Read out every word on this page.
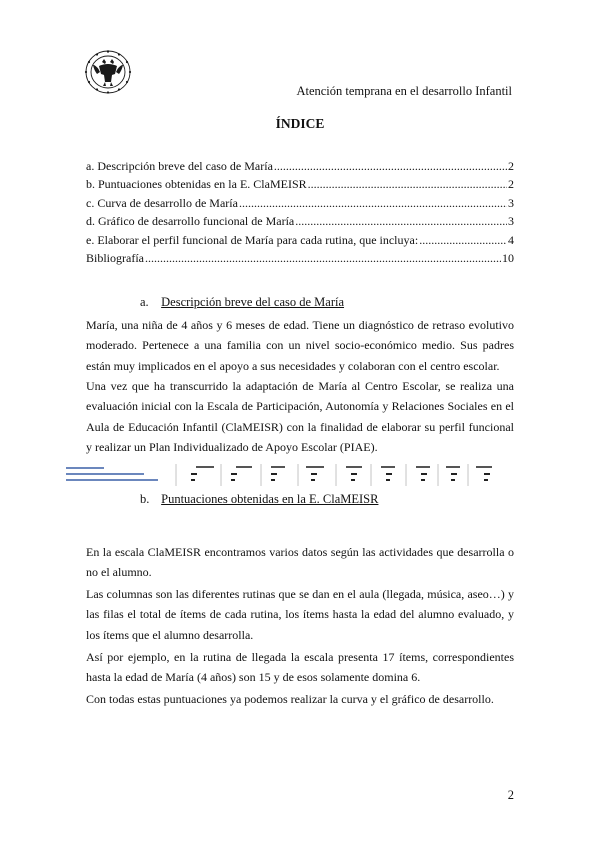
Atención temprana en el desarrollo Infantil
ÍNDICE
a. Descripción breve del caso de María .....	2
b. Puntuaciones obtenidas en la E. ClaMEISR .....	2
c. Curva de desarrollo de María .....	3
d. Gráfico de desarrollo funcional de María .....	3
e. Elaborar el perfil funcional de María para cada rutina, que incluya: .....	4
Bibliografía .....	10
a. Descripción breve del caso de María
María, una niña de 4 años y 6 meses de edad. Tiene un diagnóstico de retraso evolutivo moderado. Pertenece a una familia con un nivel socio-económico medio. Sus padres están muy implicados en el apoyo a sus necesidades y colaboran con el centro escolar.
Una vez que ha transcurrido la adaptación de María al Centro Escolar, se realiza una evaluación inicial con la Escala de Participación, Autonomía y Relaciones Sociales en el Aula de Educación Infantil (ClaMEISR) con la finalidad de elaborar su perfil funcional y realizar un Plan Individualizado de Apoyo Escolar (PIAE).
b. Puntuaciones obtenidas en la E. ClaMEISR
En la escala ClaMEISR encontramos varios datos según las actividades que desarrolla o no el alumno.
Las columnas son las diferentes rutinas que se dan en el aula (llegada, música, aseo…) y las filas el total de ítems de cada rutina, los ítems hasta la edad del alumno evaluado, y los ítems que el alumno desarrolla.
Así por ejemplo, en la rutina de llegada la escala presenta 17 ítems, correspondientes hasta la edad de María (4 años) son 15 y de esos solamente domina 6.
Con todas estas puntuaciones ya podemos realizar la curva y el gráfico de desarrollo.
2
